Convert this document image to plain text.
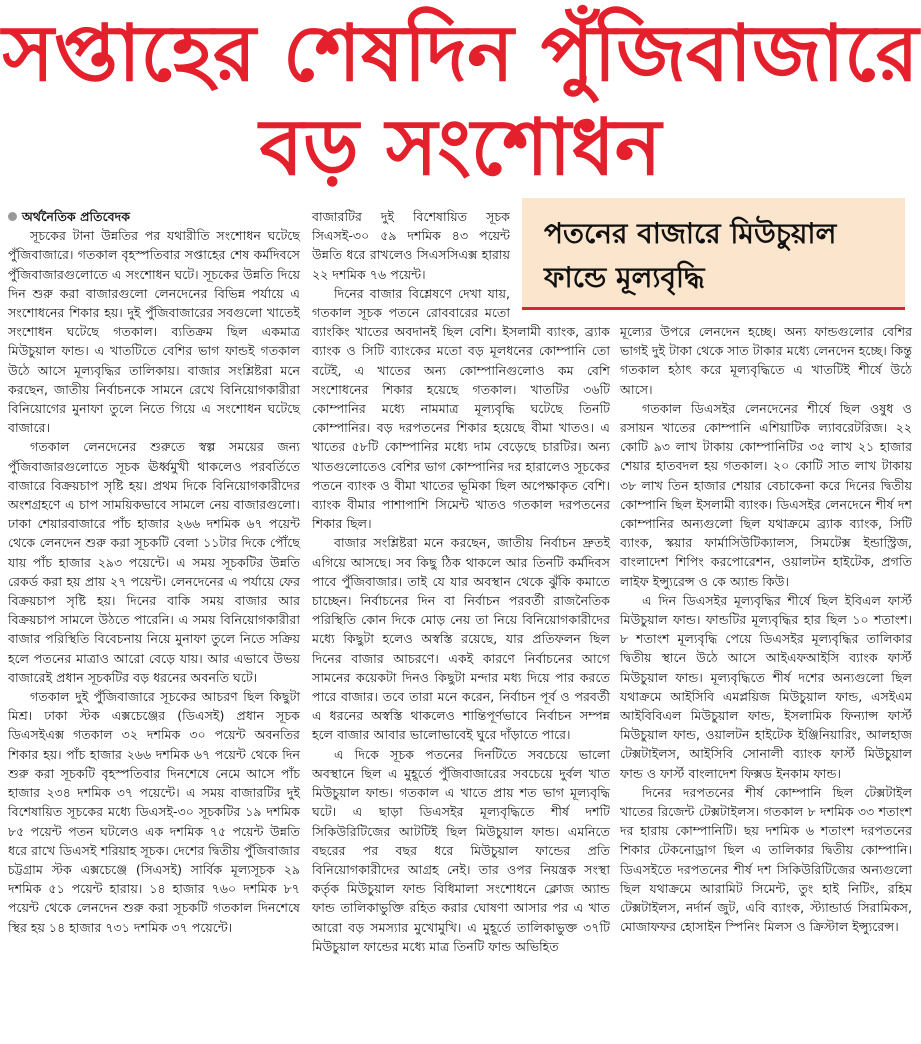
সপ্তাহের শেষদিন পুঁজিবাজারে
বড় সংশোধন
পতনের বাজারে মিউচুয়াল
ফান্ডে মূল্যবৃদ্ধি
অর্থনৈতিক প্রতিবেদক

সূচকের টানা উন্নতির পর যথারীতি সংশোধন ঘটেছে পুঁজিবাজারে। গতকাল বৃহস্পতিবার সপ্তাহের শেষ কর্মদিবসে পুঁজিবাজারগুলোতে এ সংশোধন ঘটে। সূচকের উন্নতি দিয়ে দিন শুরু করা বাজারগুলো লেনদেনের বিভিন্ন পর্যায়ে এ সংশোধনের শিকার হয়। দুই পুঁজিবাজারের সবগুলো খাতেই সংশোধন ঘটেছে গতকাল। ব্যতিক্রম ছিল একমাত্র মিউচুয়াল ফান্ড। এ খাতটিতে বেশির ভাগ ফান্ডই গতকাল উঠে আসে মূল্যবৃদ্ধির তালিকায়। বাজার সংশ্লিষ্টরা মনে করছেন, জাতীয় নির্বাচনকে সামনে রেখে বিনিয়োগকারীরা বিনিয়োগের মুনাফা তুলে নিতে গিয়ে এ সংশোধন ঘটেছে বাজারে।

গতকাল লেনদেনের শুরুতে স্বল্প সময়ের জন্য পুঁজিবাজারগুলোতে সূচক ঊর্ধ্বমুখী থাকলেও পরবর্তিতে বাজারে বিক্রয়চাপ সৃষ্টি হয়। প্রথম দিকে বিনিয়োগকারীদের অংশগ্রহণে এ চাপ সাময়িকভাবে সামলে নেয় বাজারগুলো। ঢাকা শেয়ারবাজারে পাঁচ হাজার ২৬৬ দশমিক ৬৭ পয়েন্ট থেকে লেনদেন শুরু করা সূচকটি বেলা ১১টার দিকে পৌঁছে যায় পাঁচ হাজার ২৯৩ পয়েন্টে। এ সময় সূচকটির উন্নতি রেকর্ড করা হয় প্রায় ২৭ পয়েন্ট। লেনদেনের এ পর্যায়ে ফের বিক্রয়চাপ সৃষ্টি হয়। দিনের বাকি সময় বাজার আর বিক্রয়চাপ সামলে উঠতে পারেনি। এ সময় বিনিয়োগকারীরা বাজার পরিস্থিতি বিবেচনায় নিয়ে মুনাফা তুলে নিতে সক্রিয় হলে পতনের মাত্রাও আরো বেড়ে যায়। আর এভাবে উভয় বাজারেই প্রধান সূচকটির বড় ধরনের অবনতি ঘটে।

গতকাল দুই পুঁজিবাজারে সূচকের আচরণ ছিল কিছুটা মিশ্র। ঢাকা স্টক এক্সচেঞ্জের (ডিএসই) প্রধান সূচক ডিএসইএক্স গতকাল ৩২ দশমিক ৩০ পয়েন্ট অবনতির শিকার হয়। পাঁচ হাজার ২৬৬ দশমিক ৬৭ পয়েন্ট থেকে দিন শুরু করা সূচকটি বৃহস্পতিবার দিনশেষে নেমে আসে পাঁচ হাজার ২৩৪ দশমিক ৩৭ পয়েন্টে। এ সময় বাজারটির দুই বিশেষায়িত সূচকের মধ্যে ডিএসই-৩০ সূচকটির ১৯ দশমিক ৮৫ পয়েন্ট পতন ঘটলেও এক দশমিক ৭৫ পয়েন্ট উন্নতি ধরে রাখে ডিএসই শরিয়াহ সূচক। দেশের দ্বিতীয় পুঁজিবাজার চট্টগ্রাম স্টক এক্সচেঞ্জে (সিএসই) সার্বিক মূল্যসূচক ২৯ দশমিক ৫১ পয়েন্ট হারায়। ১৪ হাজার ৭৬০ দশমিক ৮৭ পয়েন্ট থেকে লেনদেন শুরু করা সূচকটি গতকাল দিনশেষে স্থির হয় ১৪ হাজার ৭৩১ দশমিক ৩৭ পয়েন্টে।

বাজারটির দুই বিশেষায়িত সূচক সিএসই-৩০ ৫৯ দশমিক ৪৩ পয়েন্ট উন্নতি ধরে রাখলেও সিএসসিএক্স হারায় ২২ দশমিক ৭৬ পয়েন্ট।

দিনের বাজার বিশ্লেষণে দেখা যায়, গতকাল সূচক পতনে রোববারের মতো ব্যাংকিং খাতের অবদানই ছিল বেশি। ইসলামী ব্যাংক, ব্র্যাক ব্যাংক ও সিটি ব্যাংকের মতো বড় মূলধনের কোম্পানি তো বটেই, এ খাতের অন্য কোম্পানিগুলোও কম বেশি সংশোধনের শিকার হয়েছে গতকাল। খাতটির ৩৬টি কোম্পানির মধ্যে নামমাত্র মূল্যবৃদ্ধি ঘটেছে তিনটি কোম্পানির। বড় দরপতনের শিকার হয়েছে বীমা খাতও। এ খাতের ৫৮টি কোম্পানির মধ্যে দাম বেড়েছে চারটির। অন্য খাতগুলোতেও বেশির ভাগ কোম্পানির দর হারালেও সূচকের পতনে ব্যাংক ও বীমা খাতের ভূমিকা ছিল অপেক্ষাকৃত বেশি। ব্যাংক বীমার পাশাপাশি সিমেন্ট খাতও গতকাল দরপতনের শিকার ছিল।

বাজার সংশ্লিষ্টরা মনে করছেন, জাতীয় নির্বাচন দ্রুতই এগিয়ে আসছে। সব কিছু ঠিক থাকলে আর তিনটি কর্মদিবস পাবে পুঁজিবাজার। তাই যে যার অবস্থান থেকে ঝুঁকি কমাতে চাচ্ছেন। নির্বাচনের দিন বা নির্বাচন পরবর্তী রাজনৈতিক পরিস্থিতি কোন দিকে মোড় নেয় তা নিয়ে বিনিয়োগকারীদের মধ্যে কিছুটা হলেও অস্বস্তি রয়েছে, যার প্রতিফলন ছিল দিনের বাজার আচরণে। একই কারণে নির্বাচনের আগে সামনের কয়েকটা দিনও কিছুটা মন্দার মধ্য দিয়ে পার করতে পারে বাজার। তবে তারা মনে করেন, নির্বাচন পূর্ব ও পরবর্তী এ ধরনের অস্বস্তি থাকলেও শান্তিপূর্ণভাবে নির্বাচন সম্পন্ন হলে বাজার আবার ভালোভাবেই ঘুরে দাঁড়াতে পারে।

এ দিকে সূচক পতনের দিনটিতে সবচেয়ে ভালো অবস্থানে ছিল এ মুহূর্তে পুঁজিবাজারের সবচেয়ে দুর্বল খাত মিউচুয়াল ফান্ড। গতকাল এ খাতে প্রায় শত ভাগ মূল্যবৃদ্ধি ঘটে। এ ছাড়া ডিএসইর মূল্যবৃদ্ধিতে শীর্ষ দশটি সিকিউরিটিজের আটটিই ছিল মিউচুয়াল ফান্ড। এমনিতে বছরের পর বছর ধরে মিউচুয়াল ফান্ডের প্রতি বিনিয়োগকারীদের আগ্রহ নেই। তার ওপর নিয়ন্ত্রক সংস্থা কর্তৃক মিউচুয়াল ফান্ড বিধিমালা সংশোধনে ক্লোজ অ্যান্ড ফান্ড তালিকাভুক্তি রহিত করার ঘোষণা আসার পর এ খাত আরো বড় সমস্যার মুখোমুখি। এ মুহূর্তে তালিকাভুক্ত ৩৭টি মিউচুয়াল ফান্ডের মধ্যে মাত্র তিনটি ফান্ড অভিহিত

মূল্যের উপরে লেনদেন হচ্ছে। অন্য ফান্ডগুলোর বেশির ভাগই দুই টাকা থেকে সাত টাকার মধ্যে লেনদেন হচ্ছে। কিন্তু গতকাল হঠাৎ করে মূল্যবৃদ্ধিতে এ খাতটিই শীর্ষে উঠে আসে।

গতকাল ডিএসইর লেনদেনের শীর্ষে ছিল ওষুধ ও রসায়ন খাতের কোম্পানি এশিয়াটিক ল্যাবরেটরিজ। ২২ কোটি ৯৩ লাখ টাকায় কোম্পানিটির ৩৫ লাখ ২১ হাজার শেয়ার হাতবদল হয় গতকাল। ২০ কোটি সাত লাখ টাকায় ৩৮ লাখ তিন হাজার শেয়ার বেচাকেনা করে দিনের দ্বিতীয় কোম্পানি ছিল ইসলামী ব্যাংক। ডিএসইর লেনদেনে শীর্ষ দশ কোম্পানির অন্যগুলো ছিল যথাক্রমে ব্র্যাক ব্যাংক, সিটি ব্যাংক, স্কয়ার ফার্মাসিউটিক্যালস, সিমটেক্স ইন্ডাস্ট্রিজ, বাংলাদেশ শিপিং করপোরেশন, ওয়ালটন হাইটেক, প্রগতি লাইফ ইন্স্যুরেন্স ও কে অ্যান্ড কিউ।

এ দিন ডিএসইর মূল্যবৃদ্ধির শীর্ষে ছিল ইবিএল ফার্স্ট মিউচুয়াল ফান্ড। ফান্ডটির মূল্যবৃদ্ধির হার ছিল ১০ শতাংশ। ৮ শতাংশ মূল্যবৃদ্ধি পেয়ে ডিএসইর মূল্যবৃদ্ধির তালিকার দ্বিতীয় স্থানে উঠে আসে আইএফআইসি ব্যাংক ফার্স্ট মিউচুয়াল ফান্ড। মূল্যবৃদ্ধিতে শীর্ষ দশের অন্যগুলো ছিল যথাক্রমে আইসিবি এমপ্লয়িজ মিউচুয়াল ফান্ড, এসইএম আইবিবিএল মিউচুয়াল ফান্ড, ইসলামিক ফিন্যান্স ফার্স্ট মিউচুয়াল ফান্ড, ওয়ালটন হাইটেক ইঞ্জিনিয়ারিং, আলহাজ টেক্সটাইলস, আইসিবি সোনালী ব্যাংক ফার্স্ট মিউচুয়াল ফান্ড ও ফার্স্ট বাংলাদেশ ফিক্সড ইনকাম ফান্ড।

দিনের দরপতনের শীর্ষ কোম্পানি ছিল টেক্সটাইল খাতের রিজেন্ট টেক্সটাইলস। গতকাল ৮ দশমিক ৩৩ শতাংশ দর হারায় কোম্পানিটি। ছয় দশমিক ৬ শতাংশ দরপতনের শিকার টেকনোড্রাগ ছিল এ তালিকার দ্বিতীয় কোম্পানি। ডিএসইতে দরপতনের শীর্ষ দশ সিকিউরিটিজের অন্যগুলো ছিল যথাক্রমে আরামিট সিমেন্ট, তুং হাই নিটিং, রহিম টেক্সটাইলস, নর্দার্ন জুট, এবি ব্যাংক, স্ট্যান্ডার্ড সিরামিকস, মোজাফফর হোসাইন স্পিনিং মিলস ও ক্রিস্টাল ইন্স্যুরেন্স।
